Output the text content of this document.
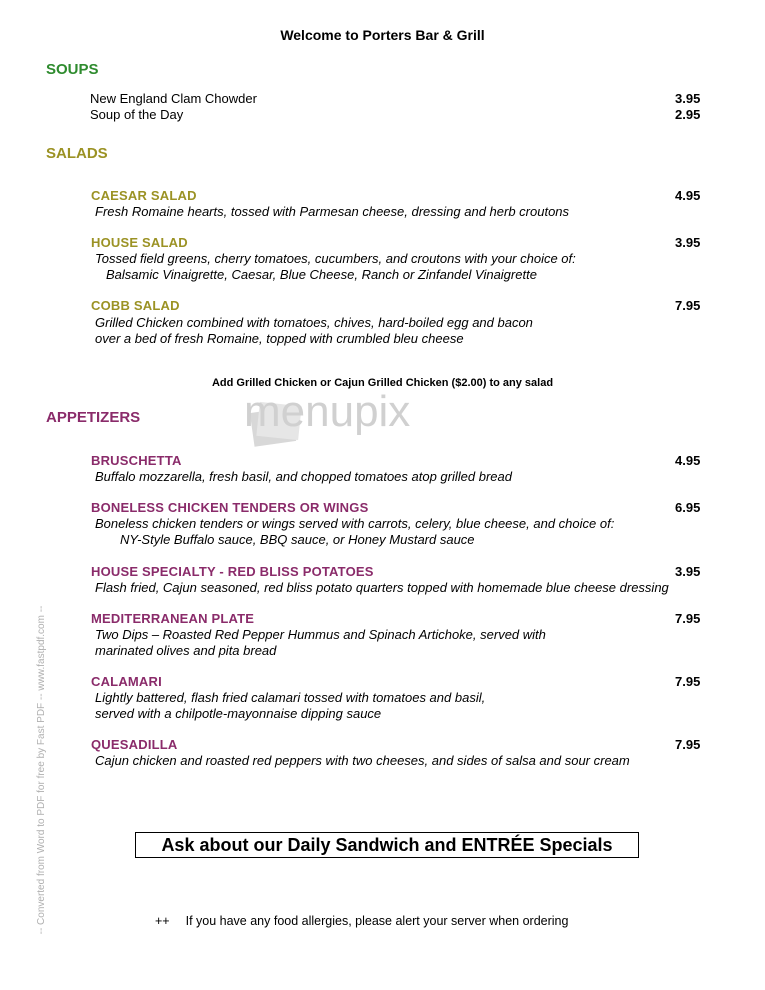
Welcome to Porters Bar & Grill
SOUPS
New England Clam Chowder	3.95
Soup of the Day	2.95
SALADS
CAESAR SALAD	4.95
Fresh Romaine hearts, tossed with Parmesan cheese, dressing and herb croutons
HOUSE SALAD	3.95
Tossed field greens, cherry tomatoes, cucumbers, and croutons with your choice of:
Balsamic Vinaigrette, Caesar, Blue Cheese, Ranch or Zinfandel Vinaigrette
COBB SALAD	7.95
Grilled Chicken combined with tomatoes, chives, hard-boiled egg and bacon
over a bed of fresh Romaine, topped with crumbled bleu cheese
Add Grilled Chicken or Cajun Grilled Chicken ($2.00) to any salad
menupix
APPETIZERS
BRUSCHETTA	4.95
Buffalo mozzarella, fresh basil, and chopped tomatoes atop grilled bread
BONELESS CHICKEN TENDERS OR WINGS	6.95
Boneless chicken tenders or wings served with carrots, celery, blue cheese, and choice of:
NY-Style Buffalo sauce, BBQ sauce, or Honey Mustard sauce
HOUSE SPECIALTY - RED BLISS POTATOES	3.95
Flash fried, Cajun seasoned, red bliss potato quarters topped with homemade blue cheese dressing
MEDITERRANEAN PLATE	7.95
Two Dips – Roasted Red Pepper Hummus and Spinach Artichoke, served with
marinated olives and pita bread
CALAMARI	7.95
Lightly battered, flash fried calamari tossed with tomatoes and basil,
served with a chilpotle-mayonnaise dipping sauce
QUESADILLA	7.95
Cajun chicken and roasted red peppers with two cheeses, and sides of salsa and sour cream
Ask about our Daily Sandwich and ENTRÉE Specials
++ If you have any food allergies, please alert your server when ordering
-- Converted from Word to PDF for free by Fast PDF -- www.fastpdf.com --
